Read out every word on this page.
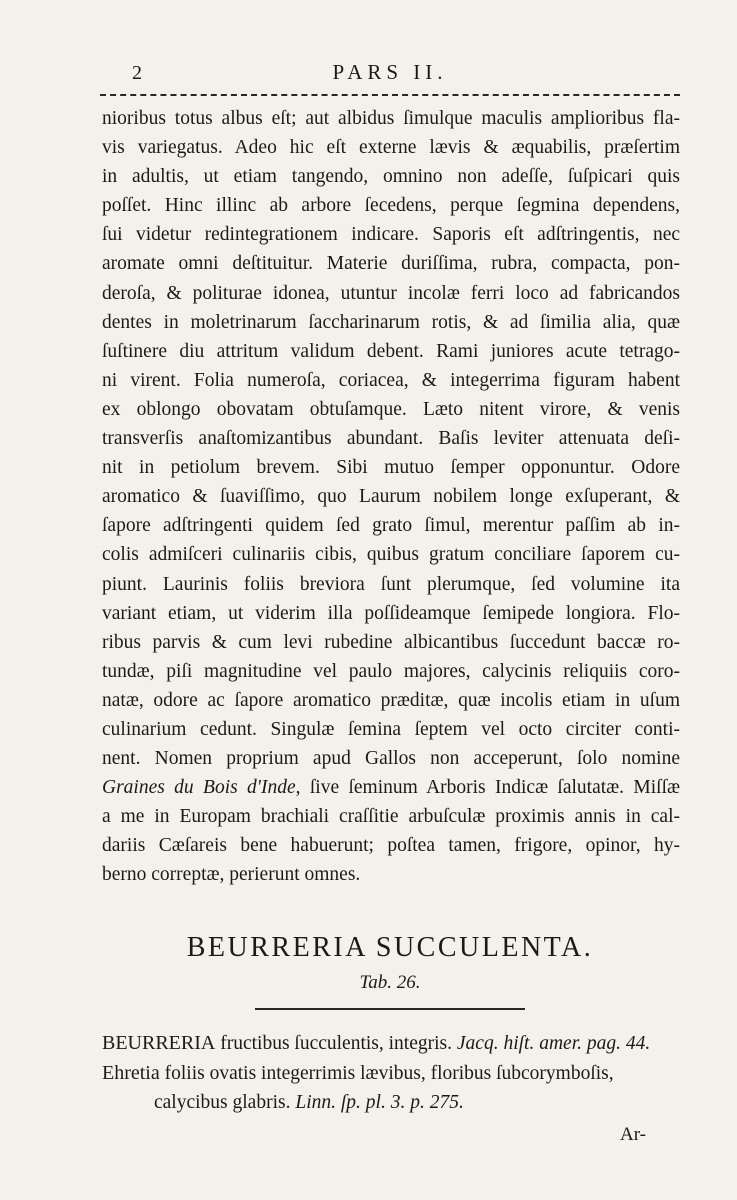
2	PARS II.
nioribus totus albus eſt; aut albidus ſimulque maculis amplioribus fla-
vis variegatus. Adeo hic eſt externe lævis & æquabilis, præſertim
in adultis, ut etiam tangendo, omnino non adeſſe, ſuſpicari quis
poſſet. Hinc illinc ab arbore ſecedens, perque ſegmina dependens,
ſui videtur redintegrationem indicare. Saporis eſt adſtringentis, nec
aromate omni deſtituitur. Materie duriſſima, rubra, compacta, pon-
deroſa, & politurae idonea, utuntur incolæ ferri loco ad fabricandos
dentes in moletrinarum ſaccharinarum rotis, & ad ſimilia alia, quæ
ſuſtinere diu attritum validum debent. Rami juniores acute tetrago-
ni virent. Folia numeroſa, coriacea, & integerrima figuram habent
ex oblongo obovatam obtuſamque. Læto nitent virore, & venis
transverſis anaſtomizantibus abundant. Baſis leviter attenuata deſi-
nit in petiolum brevem. Sibi mutuo ſemper opponuntur. Odore
aromatico & ſuaviſſimo, quo Laurum nobilem longe exſuperant, &
ſapore adſtringenti quidem ſed grato ſimul, merentur paſſim ab in-
colis admiſceri culinariis cibis, quibus gratum conciliare ſaporem cu-
piunt. Laurinis foliis breviora ſunt plerumque, ſed volumine ita
variant etiam, ut viderim illa poſſideamque ſemipede longiora. Flo-
ribus parvis & cum levi rubedine albicantibus ſuccedunt baccæ ro-
tundæ, piſi magnitudine vel paulo majores, calycinis reliquiis coro-
natæ, odore ac ſapore aromatico præditæ, quæ incolis etiam in uſum
culinarium cedunt. Singulæ ſemina ſeptem vel octo circiter conti-
nent. Nomen proprium apud Gallos non acceperunt, ſolo nomine
Graines du Bois d'Inde, ſive ſeminum Arboris Indicæ ſalutatæ. Miſſæ
a me in Europam brachiali craſſitie arbuſculæ proximis annis in cal-
dariis Cæſareis bene habuerunt; poſtea tamen, frigore, opinor, hy-
berno correptæ, perierunt omnes.
BEURRERIA SUCCULENTA.
Tab. 26.
BEURRERIA fructibus ſucculentis, integris. Jacq. hiſt. amer. pag. 44.
Ehretia foliis ovatis integerrimis lævibus, floribus ſubcorymboſis,
calycibus glabris. Linn. ſp. pl. 3. p. 275.
Ar-
